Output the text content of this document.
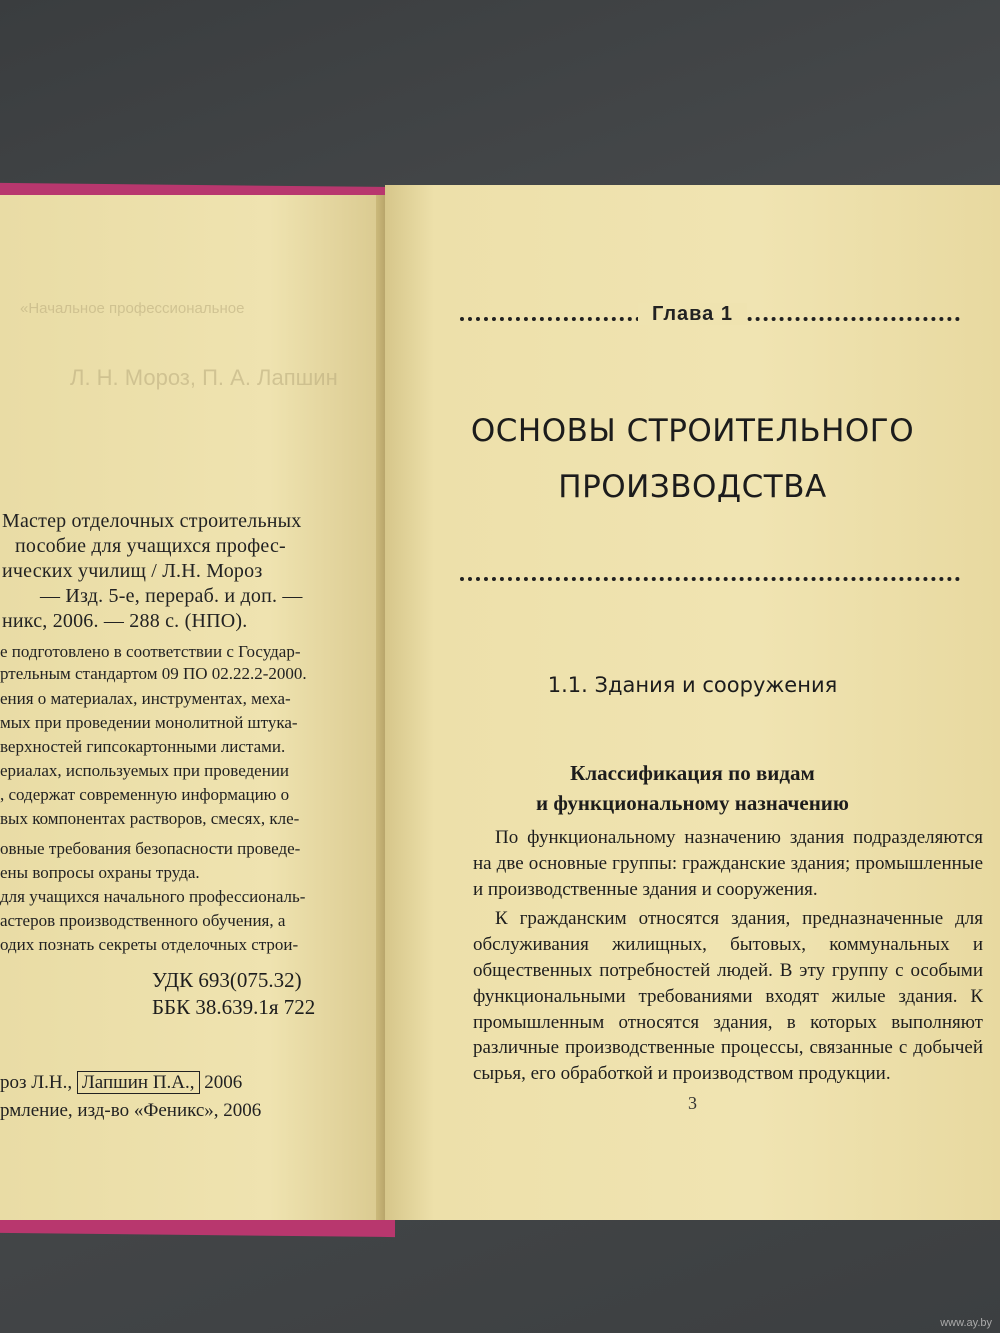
«Начальное профессиональное
Л. Н. Мороз, П. А. Лапшин
Мастер отделочных строительных
пособие для учащихся профес-
ических училищ / Л.Н. Мороз
— Изд. 5-е, перераб. и доп. —
никс, 2006. — 288 с. (НПО).
е подготовлено в соответствии с Государ-
ртельным стандартом 09 ПО 02.22.2-2000.
ения о материалах, инструментах, меха-
мых при проведении монолитной штука-
верхностей гипсокартонными листами.
ериалах, используемых при проведении
, содержат современную информацию о
вых компонентах растворов, смесях, кле-
овные требования безопасности проведе-
ены вопросы охраны труда.
для учащихся начального профессиональ-
астеров производственного обучения, а
одих познать секреты отделочных строи-
УДК 693(075.32)
ББК 38.639.1я 722
роз Л.Н., Лапшин П.А., 2006
рмление, изд-во «Феникс», 2006
Глава 1
ОСНОВЫ СТРОИТЕЛЬНОГО
ПРОИЗВОДСТВА
1.1. Здания и сооружения
Классификация по видам
и функциональному назначению

По функциональному назначению здания подразделяются на две основные группы: гражданские здания; промышленные и производственные здания и сооружения.

К гражданским относятся здания, предназначенные для обслуживания жилищных, бытовых, коммунальных и общественных потребностей людей. В эту группу с особыми функциональными требованиями входят жилые здания. К промышленным относятся здания, в которых выполняют различные производственные процессы, связанные с добычей сырья, его обработкой и производством продукции.

3
www.ay.by
